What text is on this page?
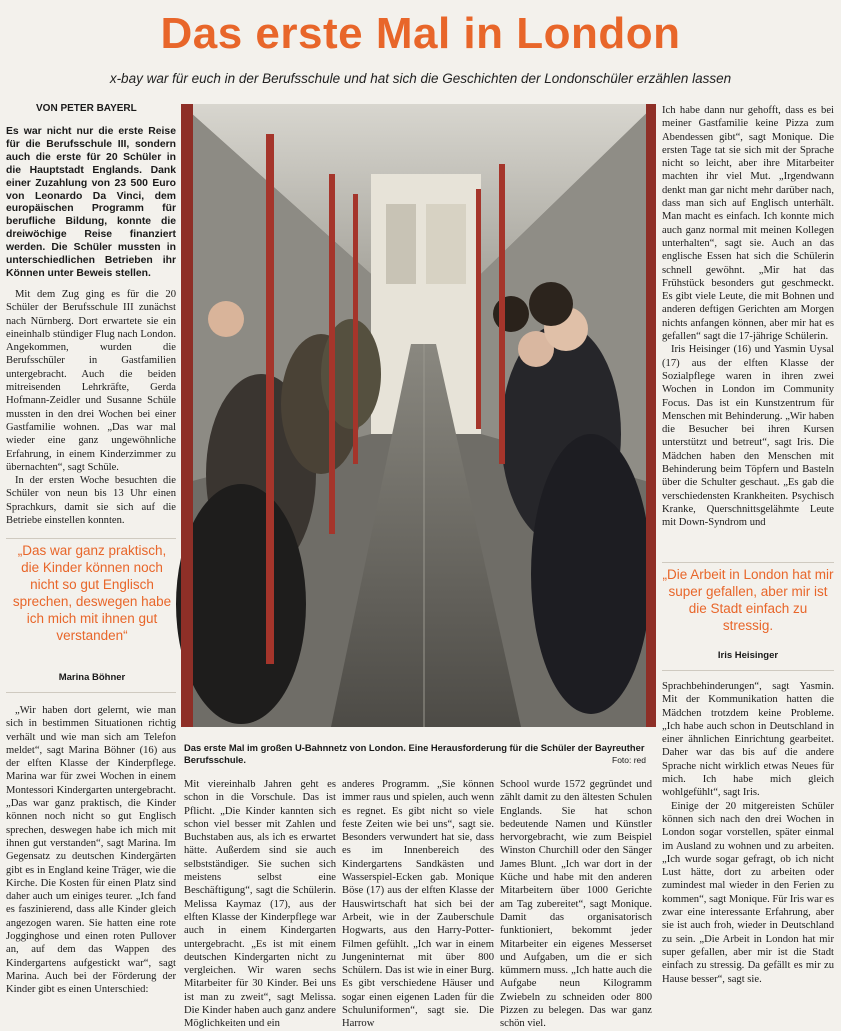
Das erste Mal in London
x-bay war für euch in der Berufsschule und hat sich die Geschichten der Londonschüler erzählen lassen
VON PETER BAYERL
Es war nicht nur die erste Reise für die Berufsschule III, sondern auch die erste für 20 Schüler in die Hauptstadt Englands. Dank einer Zuzahlung von 23 500 Euro von Leonardo Da Vinci, dem europäischen Programm für berufliche Bildung, konnte die dreiwöchige Reise finanziert werden. Die Schüler mussten in unterschiedlichen Betrieben ihr Können unter Beweis stellen.

Mit dem Zug ging es für die 20 Schüler der Berufsschule III zunächst nach Nürnberg. Dort erwartete sie ein eineinhalb stündiger Flug nach London. Angekommen, wurden die Berufsschüler in Gastfamilien untergebracht. Auch die beiden mitreisenden Lehrkräfte, Gerda Hofmann-Zeidler und Susanne Schüle mussten in den drei Wochen bei einer Gastfamilie wohnen. „Das war mal wieder eine ganz ungewöhnliche Erfahrung, in einem Kinderzimmer zu übernachten“, sagt Schüle.

In der ersten Woche besuchten die Schüler von neun bis 13 Uhr einen Sprachkurs, damit sie sich auf die Betriebe einstellen konnten.

„Das war ganz praktisch, die Kinder können noch nicht so gut Englisch sprechen, deswegen habe ich mich mit ihnen gut verstanden“
Marina Böhner

„Wir haben dort gelernt, wie man sich in bestimmen Situationen richtig verhält und wie man sich am Telefon meldet“, sagt Marina Böhner (16) aus der elften Klasse der Kinderpflege. Marina war für zwei Wochen in einem Montessori Kindergarten untergebracht. „Das war ganz praktisch, die Kinder können noch nicht so gut Englisch sprechen, deswegen habe ich mich mit ihnen gut verstanden“, sagt Marina. Im Gegensatz zu deutschen Kindergärten gibt es in England keine Träger, wie die Kirche. Die Kosten für einen Platz sind daher auch um einiges teurer. „Ich fand es faszinierend, dass alle Kinder gleich angezogen waren. Sie hatten eine rote Jogginghose und einen roten Pullover an, auf dem das Wappen des Kindergartens aufgestickt war“, sagt Marina. Auch bei der Förderung der Kinder gibt es einen Unterschied:

Das erste Mal im großen U-Bahnnetz von London. Eine Herausforderung für die Schüler der Bayreuther Berufsschule.	Foto: red

Mit viereinhalb Jahren geht es schon in die Vorschule. Das ist Pflicht. „Die Kinder kannten sich schon viel besser mit Zahlen und Buchstaben aus, als ich es erwartet hätte. Außerdem sind sie auch selbstständiger. Sie suchen sich meistens selbst eine Beschäftigung“, sagt die Schülerin. Melissa Kaymaz (17), aus der elften Klasse der Kinderpflege war auch in einem Kindergarten untergebracht. „Es ist mit einem deutschen Kindergarten nicht zu vergleichen. Wir waren sechs Mitarbeiter für 30 Kinder. Bei uns ist man zu zweit“, sagt Melissa. Die Kinder haben auch ganz andere Möglichkeiten und ein

anderes Programm. „Sie können immer raus und spielen, auch wenn es regnet. Es gibt nicht so viele feste Zeiten wie bei uns“, sagt sie. Besonders verwundert hat sie, dass es im Innenbereich des Kindergartens Sandkästen und Wasserspiel-Ecken gab. Monique Böse (17) aus der elften Klasse der Hauswirtschaft hat sich bei der Arbeit, wie in der Zauberschule Hogwarts, aus den Harry-Potter-Filmen gefühlt. „Ich war in einem Jungeninternat mit über 800 Schülern. Das ist wie in einer Burg. Es gibt verschiedene Häuser und sogar einen eigenen Laden für die Schuluniformen“, sagt sie. Die Harrow

School wurde 1572 gegründet und zählt damit zu den ältesten Schulen Englands. Sie hat schon bedeutende Namen und Künstler hervorgebracht, wie zum Beispiel Winston Churchill oder den Sänger James Blunt. „Ich war dort in der Küche und habe mit den anderen Mitarbeitern über 1000 Gerichte am Tag zubereitet“, sagt Monique. Damit das organisatorisch funktioniert, bekommt jeder Mitarbeiter ein eigenes Messerset und Aufgaben, um die er sich kümmern muss. „Ich hatte auch die Aufgabe neun Kilogramm Zwiebeln zu schneiden oder 800 Pizzen zu belegen. Das war ganz schön viel.

Ich habe dann nur gehofft, dass es bei meiner Gastfamilie keine Pizza zum Abendessen gibt“, sagt Monique. Die ersten Tage tat sie sich mit der Sprache nicht so leicht, aber ihre Mitarbeiter machten ihr viel Mut. „Irgendwann denkt man gar nicht mehr darüber nach, dass man sich auf Englisch unterhält. Man macht es einfach. Ich konnte mich auch ganz normal mit meinen Kollegen unterhalten“, sagt sie. Auch an das englische Essen hat sich die Schülerin schnell gewöhnt. „Mir hat das Frühstück besonders gut geschmeckt. Es gibt viele Leute, die mit Bohnen und anderen deftigen Gerichten am Morgen nichts anfangen können, aber mir hat es gefallen“ sagt die 17-jährige Schülerin.

Iris Heisinger (16) und Yasmin Uysal (17) aus der elften Klasse der Sozialpflege waren in ihren zwei Wochen in London im Community Focus. Das ist ein Kunstzentrum für Menschen mit Behinderung. „Wir haben die Besucher bei ihren Kursen unterstützt und betreut“, sagt Iris. Die Mädchen haben den Menschen mit Behinderung beim Töpfern und Basteln über die Schulter geschaut. „Es gab die verschiedensten Krankheiten. Psychisch Kranke, Querschnittsgelähmte Leute mit Down-Syndrom und

„Die Arbeit in London hat mir super gefallen, aber mir ist die Stadt einfach zu stressig.
Iris Heisinger

Sprachbehinderungen“, sagt Yasmin. Mit der Kommunikation hatten die Mädchen trotzdem keine Probleme. „Ich habe auch schon in Deutschland in einer ähnlichen Einrichtung gearbeitet. Daher war das bis auf die andere Sprache nicht wirklich etwas Neues für mich. Ich habe mich gleich wohlgefühlt“, sagt Iris.

Einige der 20 mitgereisten Schüler können sich nach den drei Wochen in London sogar vorstellen, später einmal im Ausland zu wohnen und zu arbeiten. „Ich wurde sogar gefragt, ob ich nicht Lust hätte, dort zu arbeiten oder zumindest mal wieder in den Ferien zu kommen“, sagt Monique. Für Iris war es zwar eine interessante Erfahrung, aber sie ist auch froh, wieder in Deutschland zu sein. „Die Arbeit in London hat mir super gefallen, aber mir ist die Stadt einfach zu stressig. Da gefällt es mir zu Hause besser“, sagt sie.
